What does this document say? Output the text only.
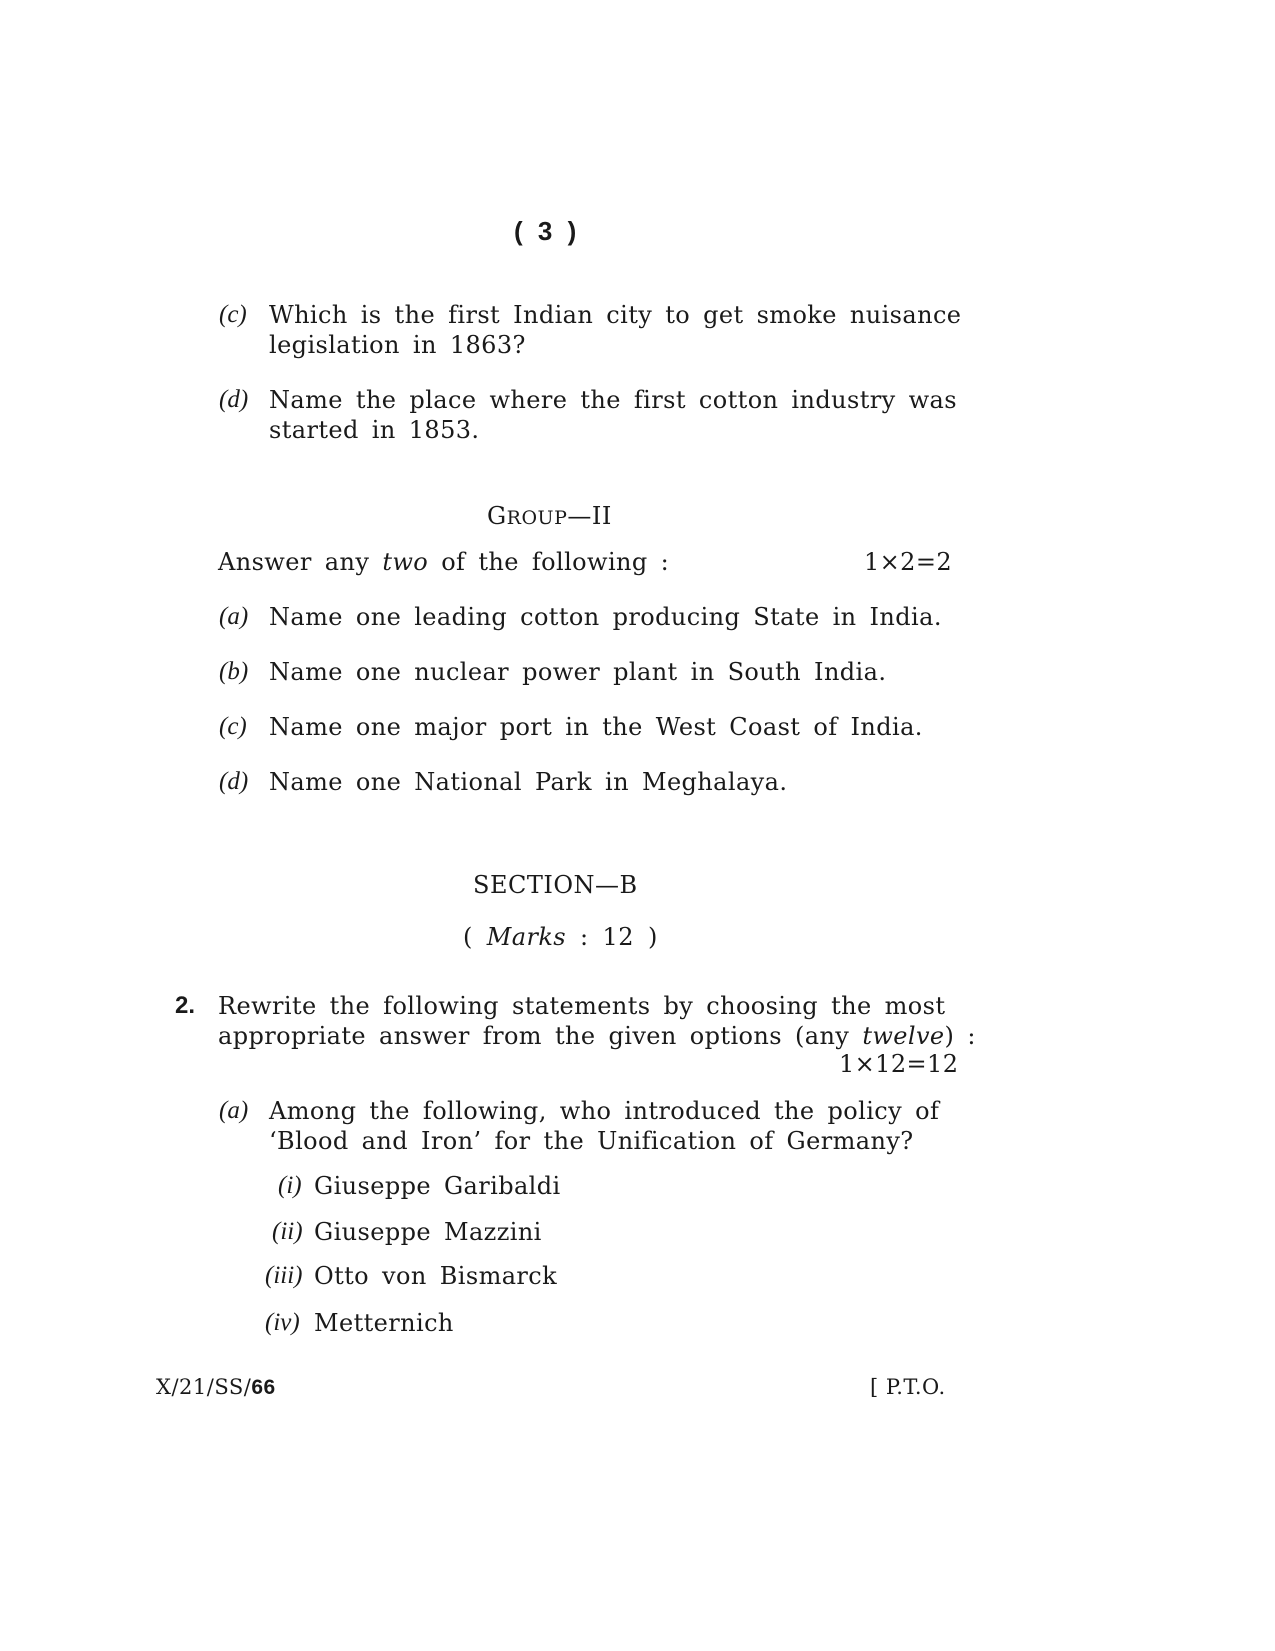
( 3 )
(c) Which is the first Indian city to get smoke nuisance
legislation in 1863?
(d) Name the place where the first cotton industry was
started in 1853.
GROUP—II
Answer any two of the following :	1×2=2
(a) Name one leading cotton producing State in India.
(b) Name one nuclear power plant in South India.
(c) Name one major port in the West Coast of India.
(d) Name one National Park in Meghalaya.
SECTION—B
( Marks : 12 )
2. Rewrite the following statements by choosing the most
appropriate answer from the given options (any twelve) :
1×12=12
(a) Among the following, who introduced the policy of
‘Blood and Iron’ for the Unification of Germany?
(i) Giuseppe Garibaldi
(ii) Giuseppe Mazzini
(iii) Otto von Bismarck
(iv) Metternich
X/21/SS/66	[ P.T.O.
